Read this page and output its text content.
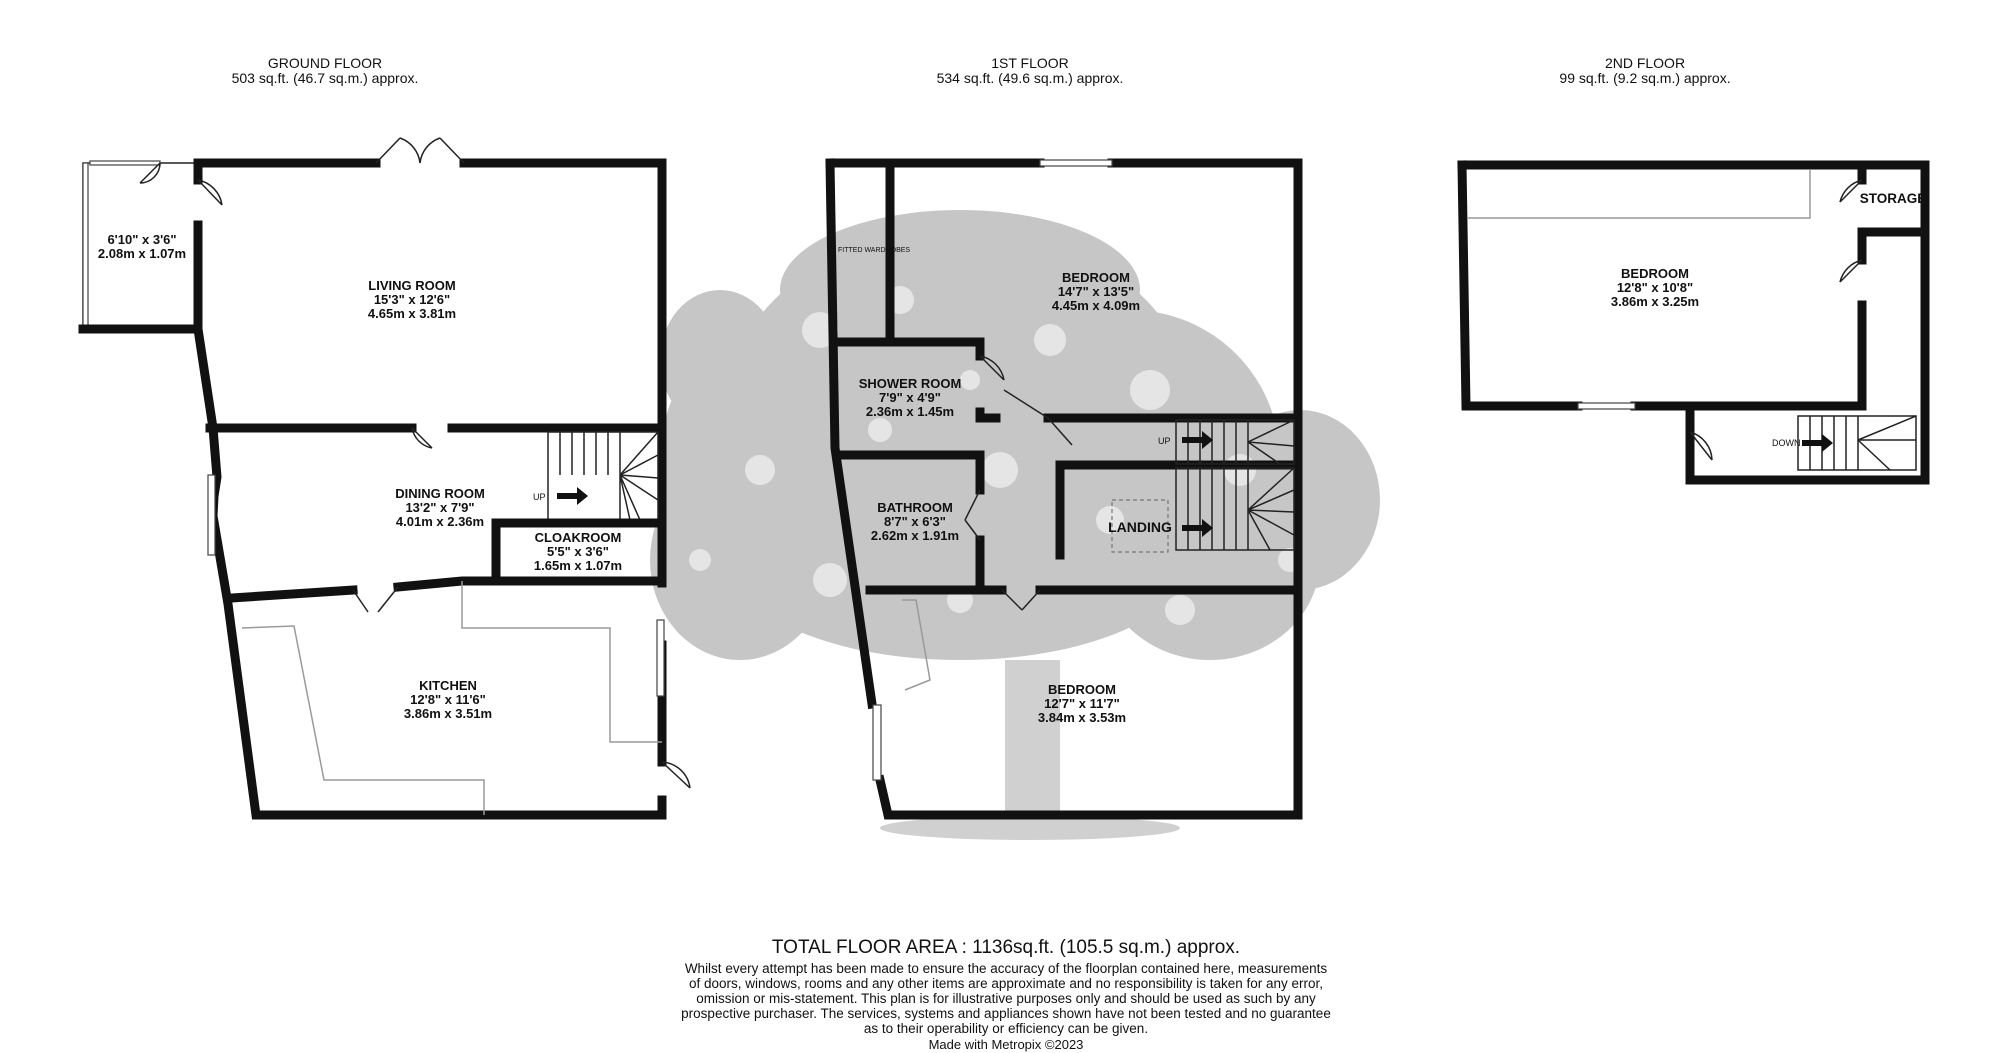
GROUND FLOOR
503 sq.ft. (46.7 sq.m.) approx.
1ST FLOOR
534 sq.ft. (49.6 sq.m.) approx.
2ND FLOOR
99 sq.ft. (9.2 sq.m.) approx.
UP
6'10" x 3'6"
2.08m x 1.07m
LIVING ROOM
15'3" x 12'6"
4.65m x 3.81m
DINING ROOM
13'2" x 7'9"
4.01m x 2.36m
CLOAKROOM
5'5" x 3'6"
1.65m x 1.07m
KITCHEN
12'8" x 11'6"
3.86m x 3.51m
FITTED WARDROBES
UP
BEDROOM
14'7" x 13'5"
4.45m x 4.09m
SHOWER ROOM
7'9" x 4'9"
2.36m x 1.45m
BATHROOM
8'7" x 6'3"
2.62m x 1.91m
LANDING
BEDROOM
12'7" x 11'7"
3.84m x 3.53m
DOWN
BEDROOM
12'8" x 10'8"
3.86m x 3.25m
STORAGE
TOTAL FLOOR AREA : 1136sq.ft. (105.5 sq.m.) approx.
Whilst every attempt has been made to ensure the accuracy of the floorplan contained here, measurements
of doors, windows, rooms and any other items are approximate and no responsibility is taken for any error,
omission or mis-statement. This plan is for illustrative purposes only and should be used as such by any
prospective purchaser. The services, systems and appliances shown have not been tested and no guarantee
as to their operability or efficiency can be given.
Made with Metropix ©2023
